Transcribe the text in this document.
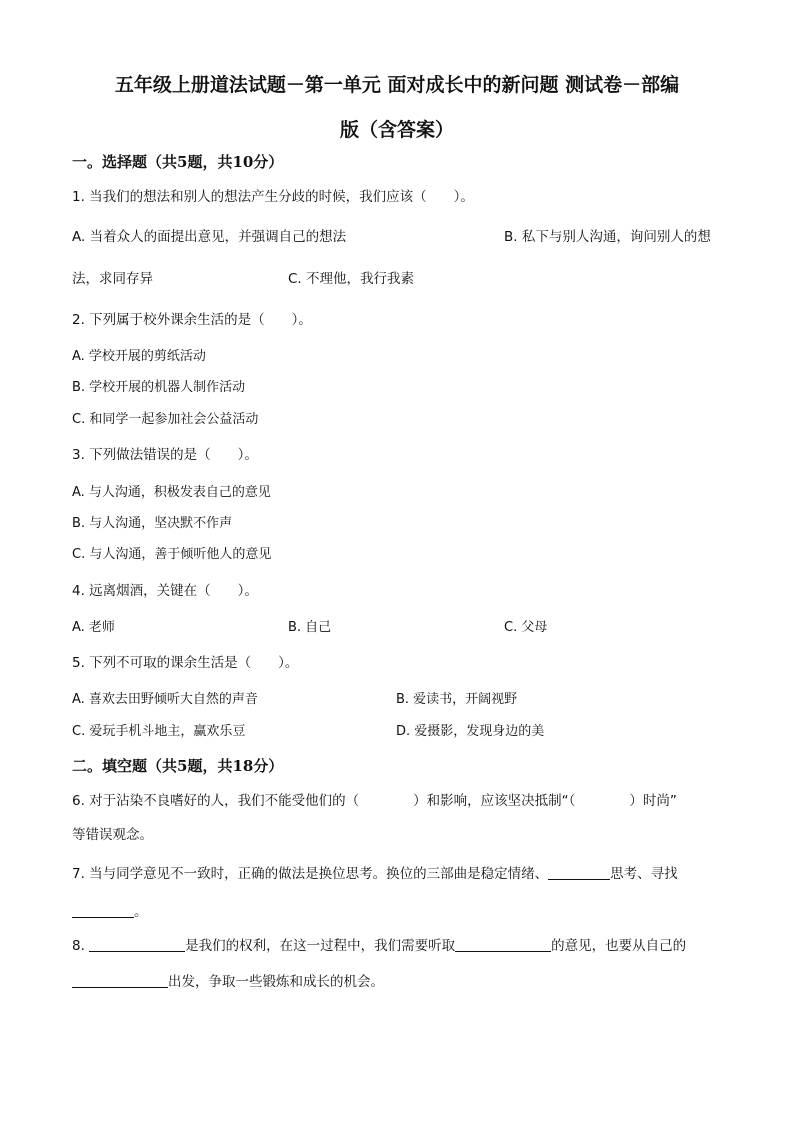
五年级上册道法试题－第一单元 面对成长中的新问题 测试卷－部编
版（含答案）
一。选择题（共5题，共10分）
1. 当我们的想法和别人的想法产生分歧的时候，我们应该（　　）。
A. 当着众人的面提出意见，并强调自己的想法	B. 私下与别人沟通，询问别人的想
法，求同存异	C. 不理他，我行我素
2. 下列属于校外课余生活的是（　　）。
A. 学校开展的剪纸活动
B. 学校开展的机器人制作活动
C. 和同学一起参加社会公益活动
3. 下列做法错误的是（　　）。
A. 与人沟通，积极发表自己的意见
B. 与人沟通，坚决默不作声
C. 与人沟通，善于倾听他人的意见
4. 远离烟酒，关键在（　　）。
A. 老师	B. 自己	C. 父母
5. 下列不可取的课余生活是（　　）。
A. 喜欢去田野倾听大自然的声音	B. 爱读书，开阔视野
C. 爱玩手机斗地主，赢欢乐豆	D. 爱摄影，发现身边的美
二。填空题（共5题，共18分）
6. 对于沾染不良嗜好的人，我们不能受他们的（　　　　）和影响，应该坚决抵制“（　　　　）时尚”
等错误观念。
7. 当与同学意见不一致时，正确的做法是换位思考。换位的三部曲是稳定情绪、	思考、寻找
。
8.	是我们的权利，在这一过程中，我们需要听取	的意见，也要从自己的
出发，争取一些锻炼和成长的机会。
